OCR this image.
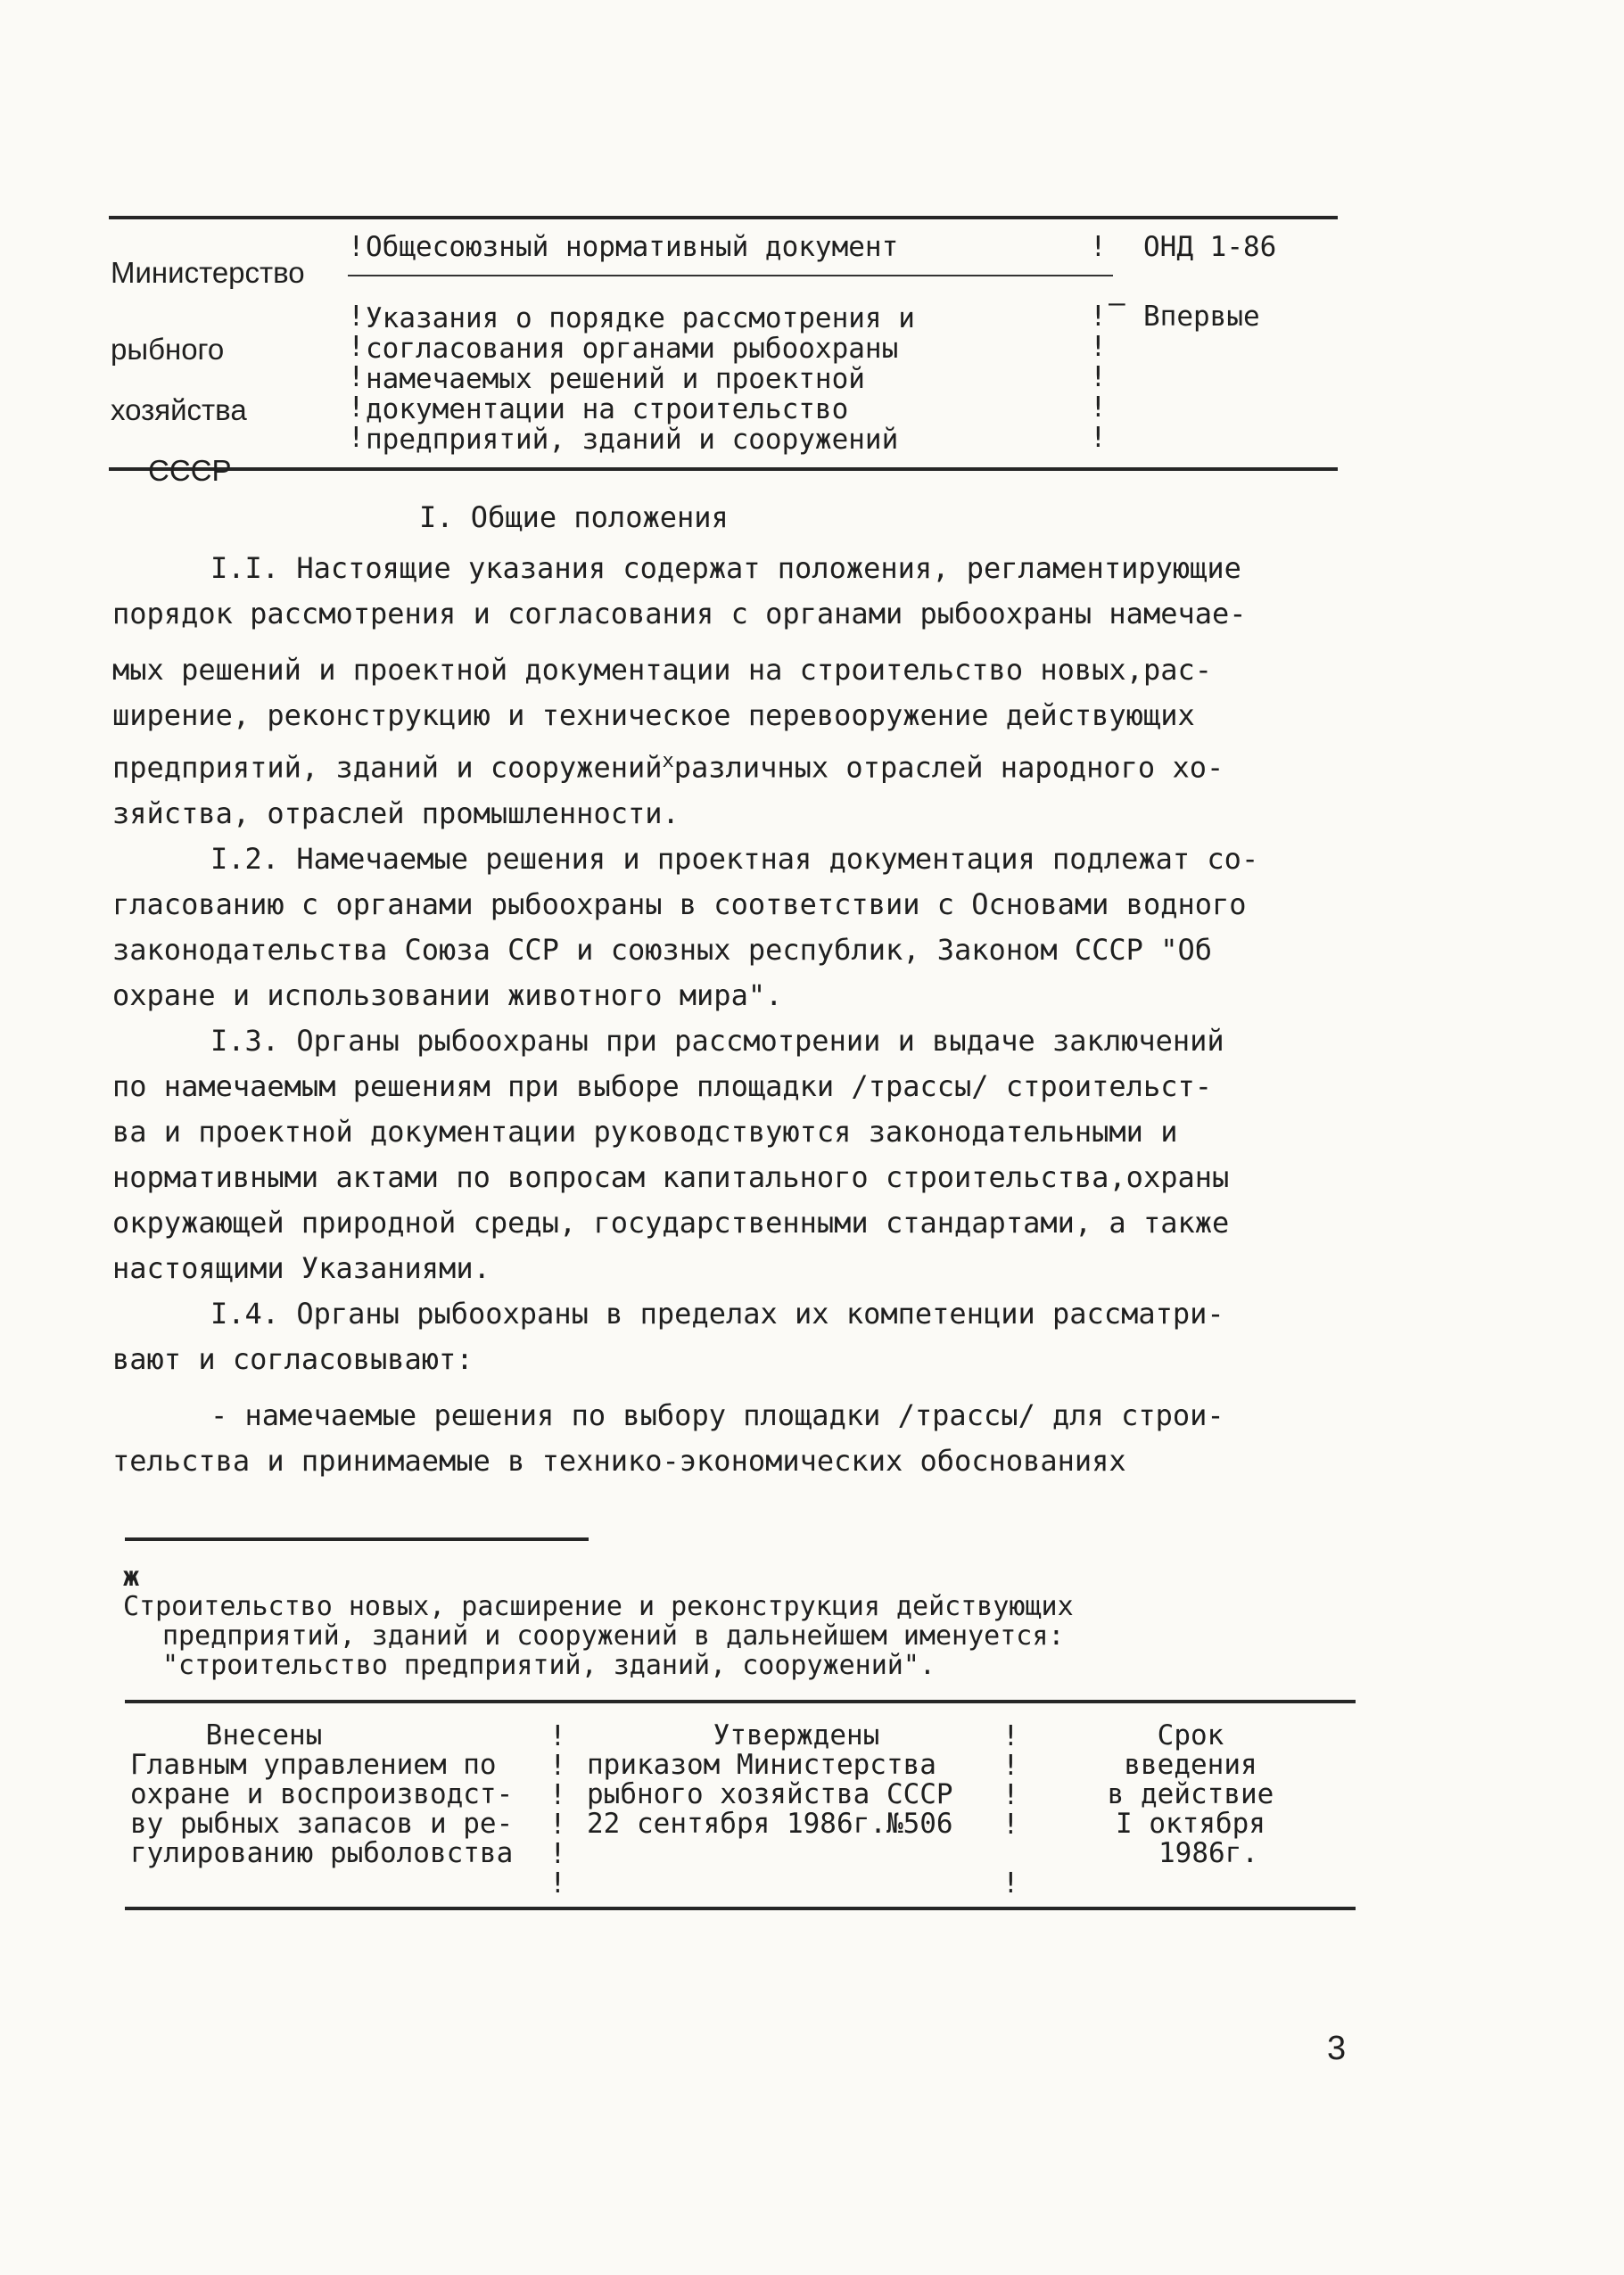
Министерство
рыбного
хозяйства
СССР
!
!
!
!
!
!
Общесоюзный нормативный документ
Указания о порядке рассмотрения и
согласования органами рыбоохраны
намечаемых решений и проектной
документации на строительство
предприятий, зданий и сооружений
!
!
!
!
!
!
–
ОНД 1-86
Впервые
I. Общие положения

I.I. Настоящие указания содержат положения, регламентирующие
порядок рассмотрения и согласования с органами рыбоохраны намечае-
мых решений и проектной документации на строительство новых,рас-
ширение, реконструкцию и техническое перевооружение действующих
предприятий, зданий и сооружений$^x$различных отраслей народного хо-
зяйства, отраслей промышленности.

I.2. Намечаемые решения и проектная документация подлежат со-
гласованию с органами рыбоохраны в соответствии с Основами водного
законодательства Союза ССР и союзных республик, Законом СССР "Об
охране и использовании животного мира".

I.3. Органы рыбоохраны при рассмотрении и выдаче заключений
по намечаемым решениям при выборе площадки /трассы/ строительст-
ва и проектной документации руководствуются законодательными и
нормативными актами по вопросам капитального строительства,охраны
окружающей природной среды, государственными стандартами, а также
настоящими Указаниями.

I.4. Органы рыбоохраны в пределах их компетенции рассматри-
вают и согласовывают:

- намечаемые решения по выбору площадки /трассы/ для строи-
тельства и принимаемые в технико-экономических обоснованиях

ж
Строительство новых, расширение и реконструкция действующих
предприятий, зданий и сооружений в дальнейшем именуется:
"строительство предприятий, зданий, сооружений".
Внесены
Главным управлением по
охране и воспроизводст-
ву рыбных запасов и ре-
гулированию рыболовства
!
!
!
!
!
!
Утверждены
приказом Министерства
рыбного хозяйства СССР
22 сентября 1986г.№506
!
!
!
!
!
Срок
введения
в действие
I октября
1986г.
3
